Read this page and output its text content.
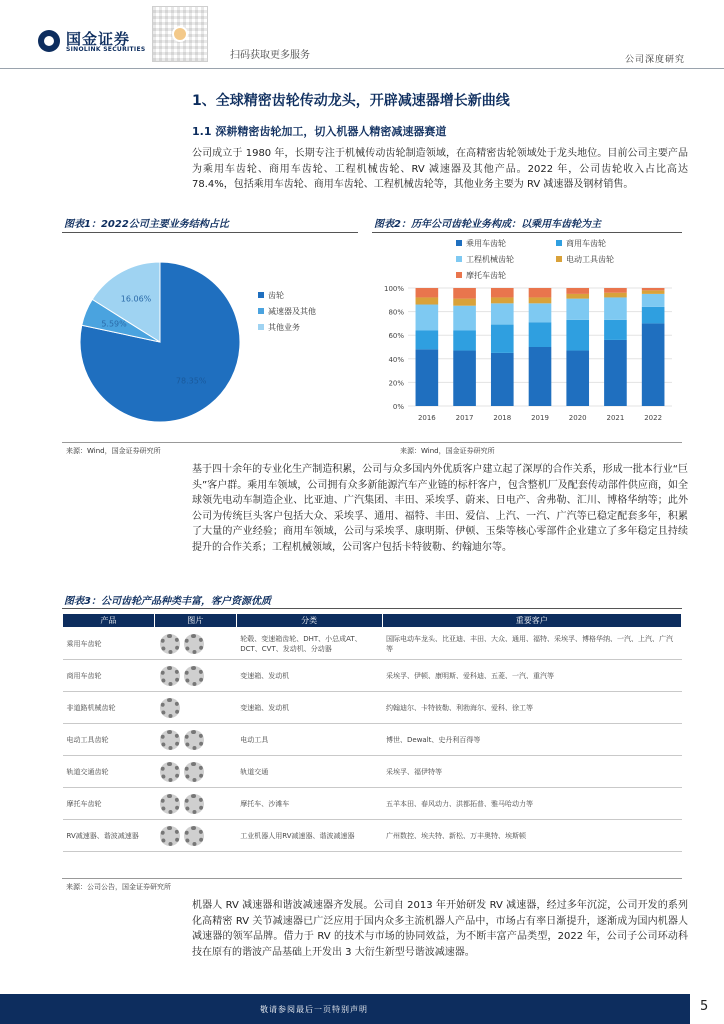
国金证券
SINOLINK SECURITIES
扫码获取更多服务	公司深度研究
1、全球精密齿轮传动龙头，开辟减速器增长新曲线
1.1 深耕精密齿轮加工，切入机器人精密减速器赛道
公司成立于 1980 年，长期专注于机械传动齿轮制造领域，在高精密齿轮领域处于龙头地位。目前公司主要产品为乘用车齿轮、商用车齿轮、工程机械齿轮、RV 减速器及其他产品。2022 年，公司齿轮收入占比高达 78.4%，包括乘用车齿轮、商用车齿轮、工程机械齿轮等，其他业务主要为 RV 减速器及钢材销售。
图表1：2022公司主要业务结构占比	图表2：历年公司齿轮业务构成：以乘用车齿轮为主
78.35%
5.59%
16.06%	齿轮
减速器及其他
其他业务
乘用车齿轮	商用车齿轮
工程机械齿轮	电动工具齿轮
摩托车齿轮
0%
20%
40%
60%
80%
100%
2016	2017	2018	2019	2020	2021	2022
来源：Wind，国金证券研究所	来源：Wind，国金证券研究所
基于四十余年的专业化生产制造积累，公司与众多国内外优质客户建立起了深厚的合作关系，形成一批本行业“巨头”客户群。乘用车领域，公司拥有众多新能源汽车产业链的标杆客户，包含整机厂及配套传动部件供应商，如全球领先电动车制造企业、比亚迪、广汽集团、丰田、采埃孚、蔚来、日电产、舍弗勒、汇川、博格华纳等；此外公司为传统巨头客户包括大众、采埃孚、通用、福特、丰田、爱信、上汽、一汽、广汽等已稳定配套多年，积累了大量的产业经验；商用车领域，公司与采埃孚、康明斯、伊顿、玉柴等核心零部件企业建立了多年稳定且持续提升的合作关系；工程机械领域，公司客户包括卡特彼勒、约翰迪尔等。
图表3：公司齿轮产品种类丰富，客户资源优质
产品	图片	分类	重要客户
乘用车齿轮		轮毂、变速箱齿轮、DHT、小总成AT、DCT、CVT、发动机、分动器	国际电动车龙头、比亚迪、丰田、大众、通用、福特、采埃孚、博格华纳、一汽、上汽、广汽等
商用车齿轮		变速箱、发动机	采埃孚、伊顿、康明斯、爱科迪、五菱、一汽、重汽等
非道路机械齿轮		变速箱、发动机	约翰迪尔、卡特彼勒、利勃海尔、爱科、徐工等
电动工具齿轮		电动工具	博世、Dewalt、史丹利百得等
轨道交通齿轮		轨道交通	采埃孚、福伊特等
摩托车齿轮		摩托车、沙滩车	五羊本田、春风动力、洪都拓普、雅马哈动力等
RV减速器、谐波减速器		工业机器人用RV减速器、谐波减速器	广州数控、埃夫特、新松、万丰奥特、埃斯顿
来源：公司公告，国金证券研究所
机器人 RV 减速器和谐波减速器齐发展。公司自 2013 年开始研发 RV 减速器，经过多年沉淀，公司开发的系列化高精密 RV 关节减速器已广泛应用于国内众多主流机器人产品中，市场占有率日渐提升，逐渐成为国内机器人减速器的领军品牌。借力于 RV 的技术与市场的协同效益，为不断丰富产品类型，2022 年，公司子公司环动科技在原有的谐波产品基础上开发出 3 大衍生新型号谐波减速器。
敬请参阅最后一页特别声明	5
